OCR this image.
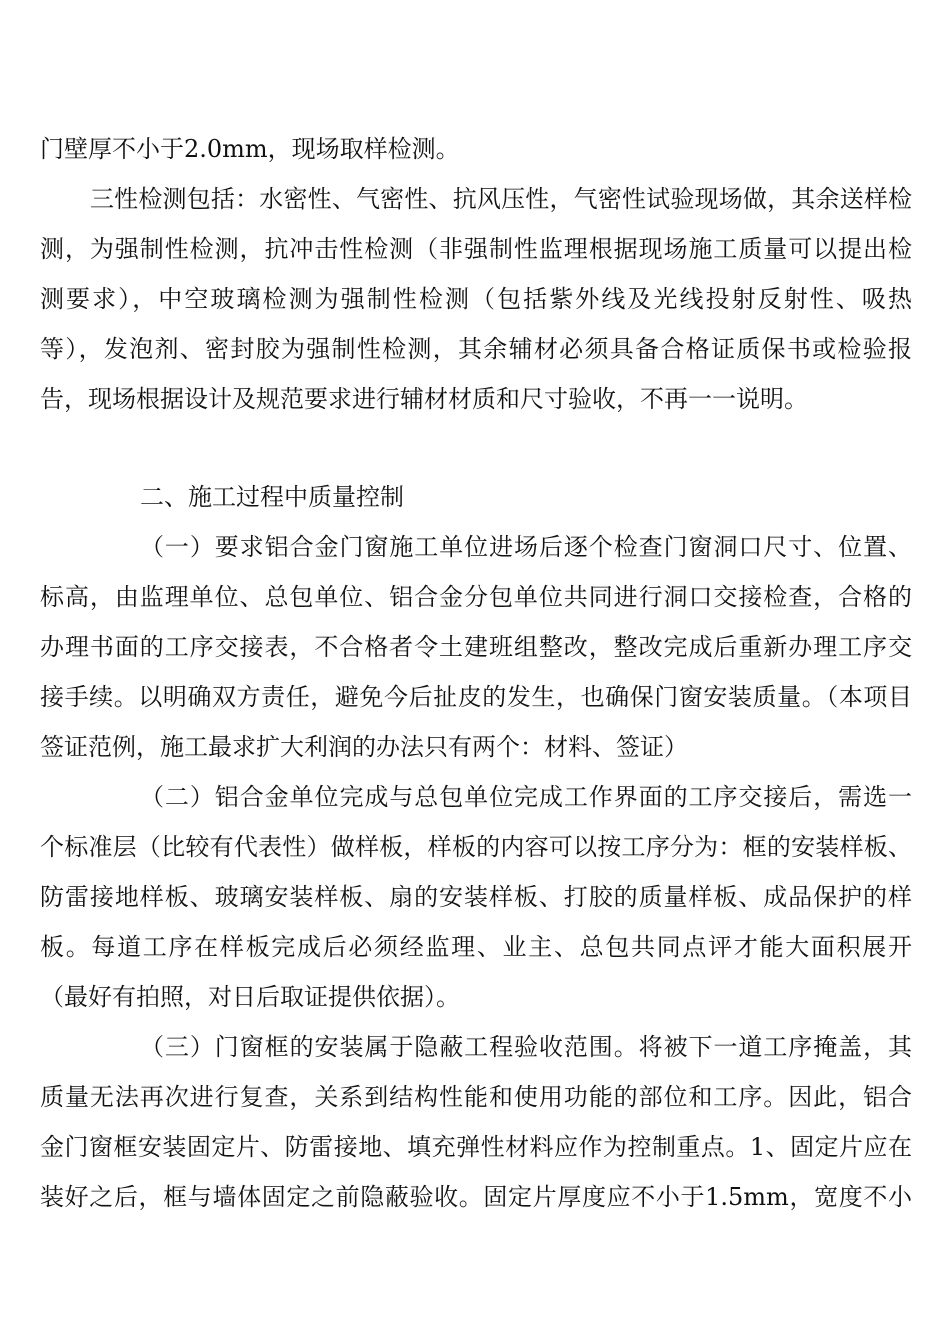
门壁厚不小于2.0mm，现场取样检测。
三性检测包括：水密性、气密性、抗风压性，气密性试验现场做，其余送样检
测，为强制性检测，抗冲击性检测（非强制性监理根据现场施工质量可以提出检
测要求），中空玻璃检测为强制性检测（包括紫外线及光线投射反射性、吸热
等），发泡剂、密封胶为强制性检测，其余辅材必须具备合格证质保书或检验报
告，现场根据设计及规范要求进行辅材材质和尺寸验收，不再一一说明。
二、施工过程中质量控制
（一）要求铝合金门窗施工单位进场后逐个检查门窗洞口尺寸、位置、
标高，由监理单位、总包单位、铝合金分包单位共同进行洞口交接检查，合格的
办理书面的工序交接表，不合格者令土建班组整改，整改完成后重新办理工序交
接手续。以明确双方责任，避免今后扯皮的发生，也确保门窗安装质量。（本项目
签证范例，施工最求扩大利润的办法只有两个：材料、签证）
（二）铝合金单位完成与总包单位完成工作界面的工序交接后，需选一
个标准层（比较有代表性）做样板，样板的内容可以按工序分为：框的安装样板、
防雷接地样板、玻璃安装样板、扇的安装样板、打胶的质量样板、成品保护的样
板。每道工序在样板完成后必须经监理、业主、总包共同点评才能大面积展开
（最好有拍照，对日后取证提供依据）。
（三）门窗框的安装属于隐蔽工程验收范围。将被下一道工序掩盖，其
质量无法再次进行复查，关系到结构性能和使用功能的部位和工序。因此，铝合
金门窗框安装固定片、防雷接地、填充弹性材料应作为控制重点。1、固定片应在
装好之后，框与墙体固定之前隐蔽验收。固定片厚度应不小于1.5mm，宽度不小
